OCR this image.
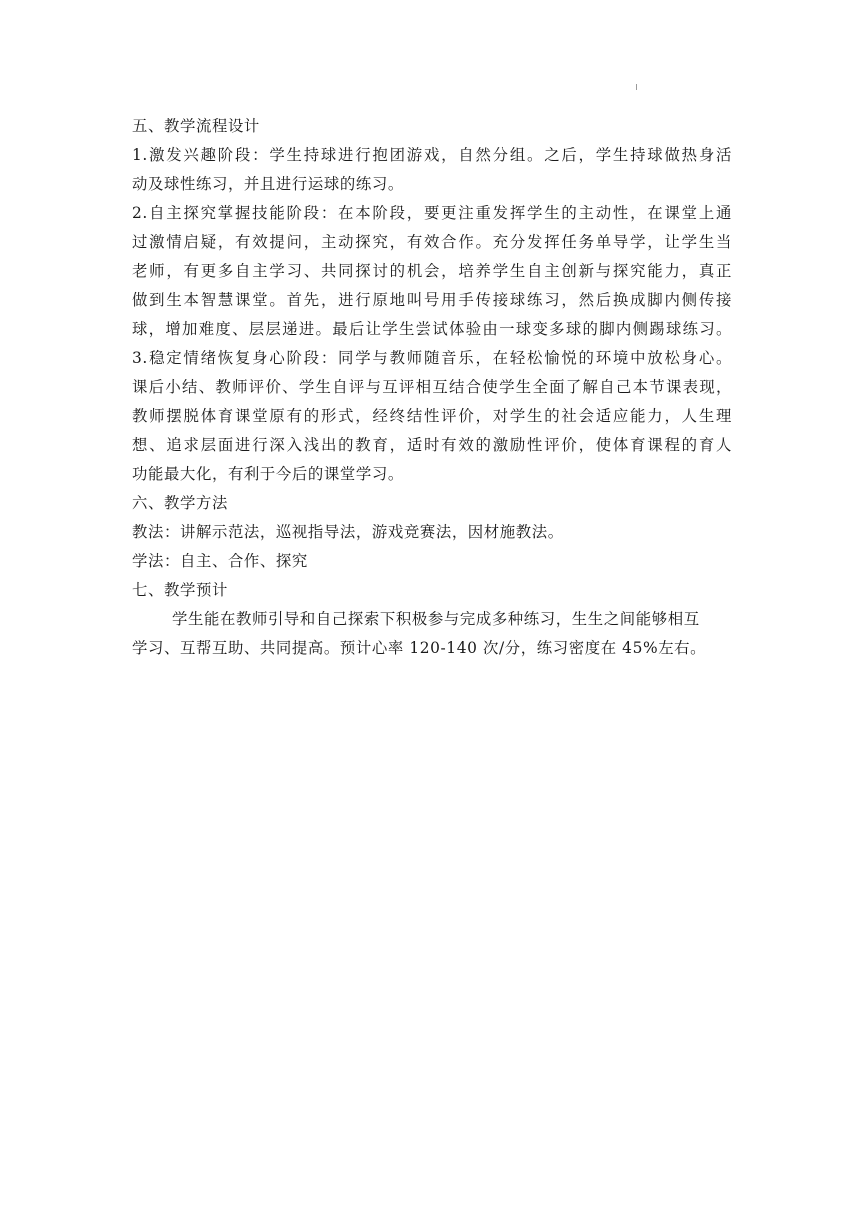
五、教学流程设计
1.激发兴趣阶段：学生持球进行抱团游戏，自然分组。之后，学生持球做热身活
动及球性练习，并且进行运球的练习。
2.自主探究掌握技能阶段：在本阶段，要更注重发挥学生的主动性，在课堂上通
过激情启疑，有效提问，主动探究，有效合作。充分发挥任务单导学，让学生当
老师，有更多自主学习、共同探讨的机会，培养学生自主创新与探究能力，真正
做到生本智慧课堂。首先，进行原地叫号用手传接球练习，然后换成脚内侧传接
球，增加难度、层层递进。最后让学生尝试体验由一球变多球的脚内侧踢球练习。
3.稳定情绪恢复身心阶段：同学与教师随音乐，在轻松愉悦的环境中放松身心。
课后小结、教师评价、学生自评与互评相互结合使学生全面了解自己本节课表现，
教师摆脱体育课堂原有的形式，经终结性评价，对学生的社会适应能力，人生理
想、追求层面进行深入浅出的教育，适时有效的激励性评价，使体育课程的育人
功能最大化，有利于今后的课堂学习。
六、教学方法
教法：讲解示范法，巡视指导法，游戏竞赛法，因材施教法。
学法：自主、合作、探究
七、教学预计
学生能在教师引导和自己探索下积极参与完成多种练习，生生之间能够相互
学习、互帮互助、共同提高。预计心率 120-140 次/分，练习密度在 45%左右。
